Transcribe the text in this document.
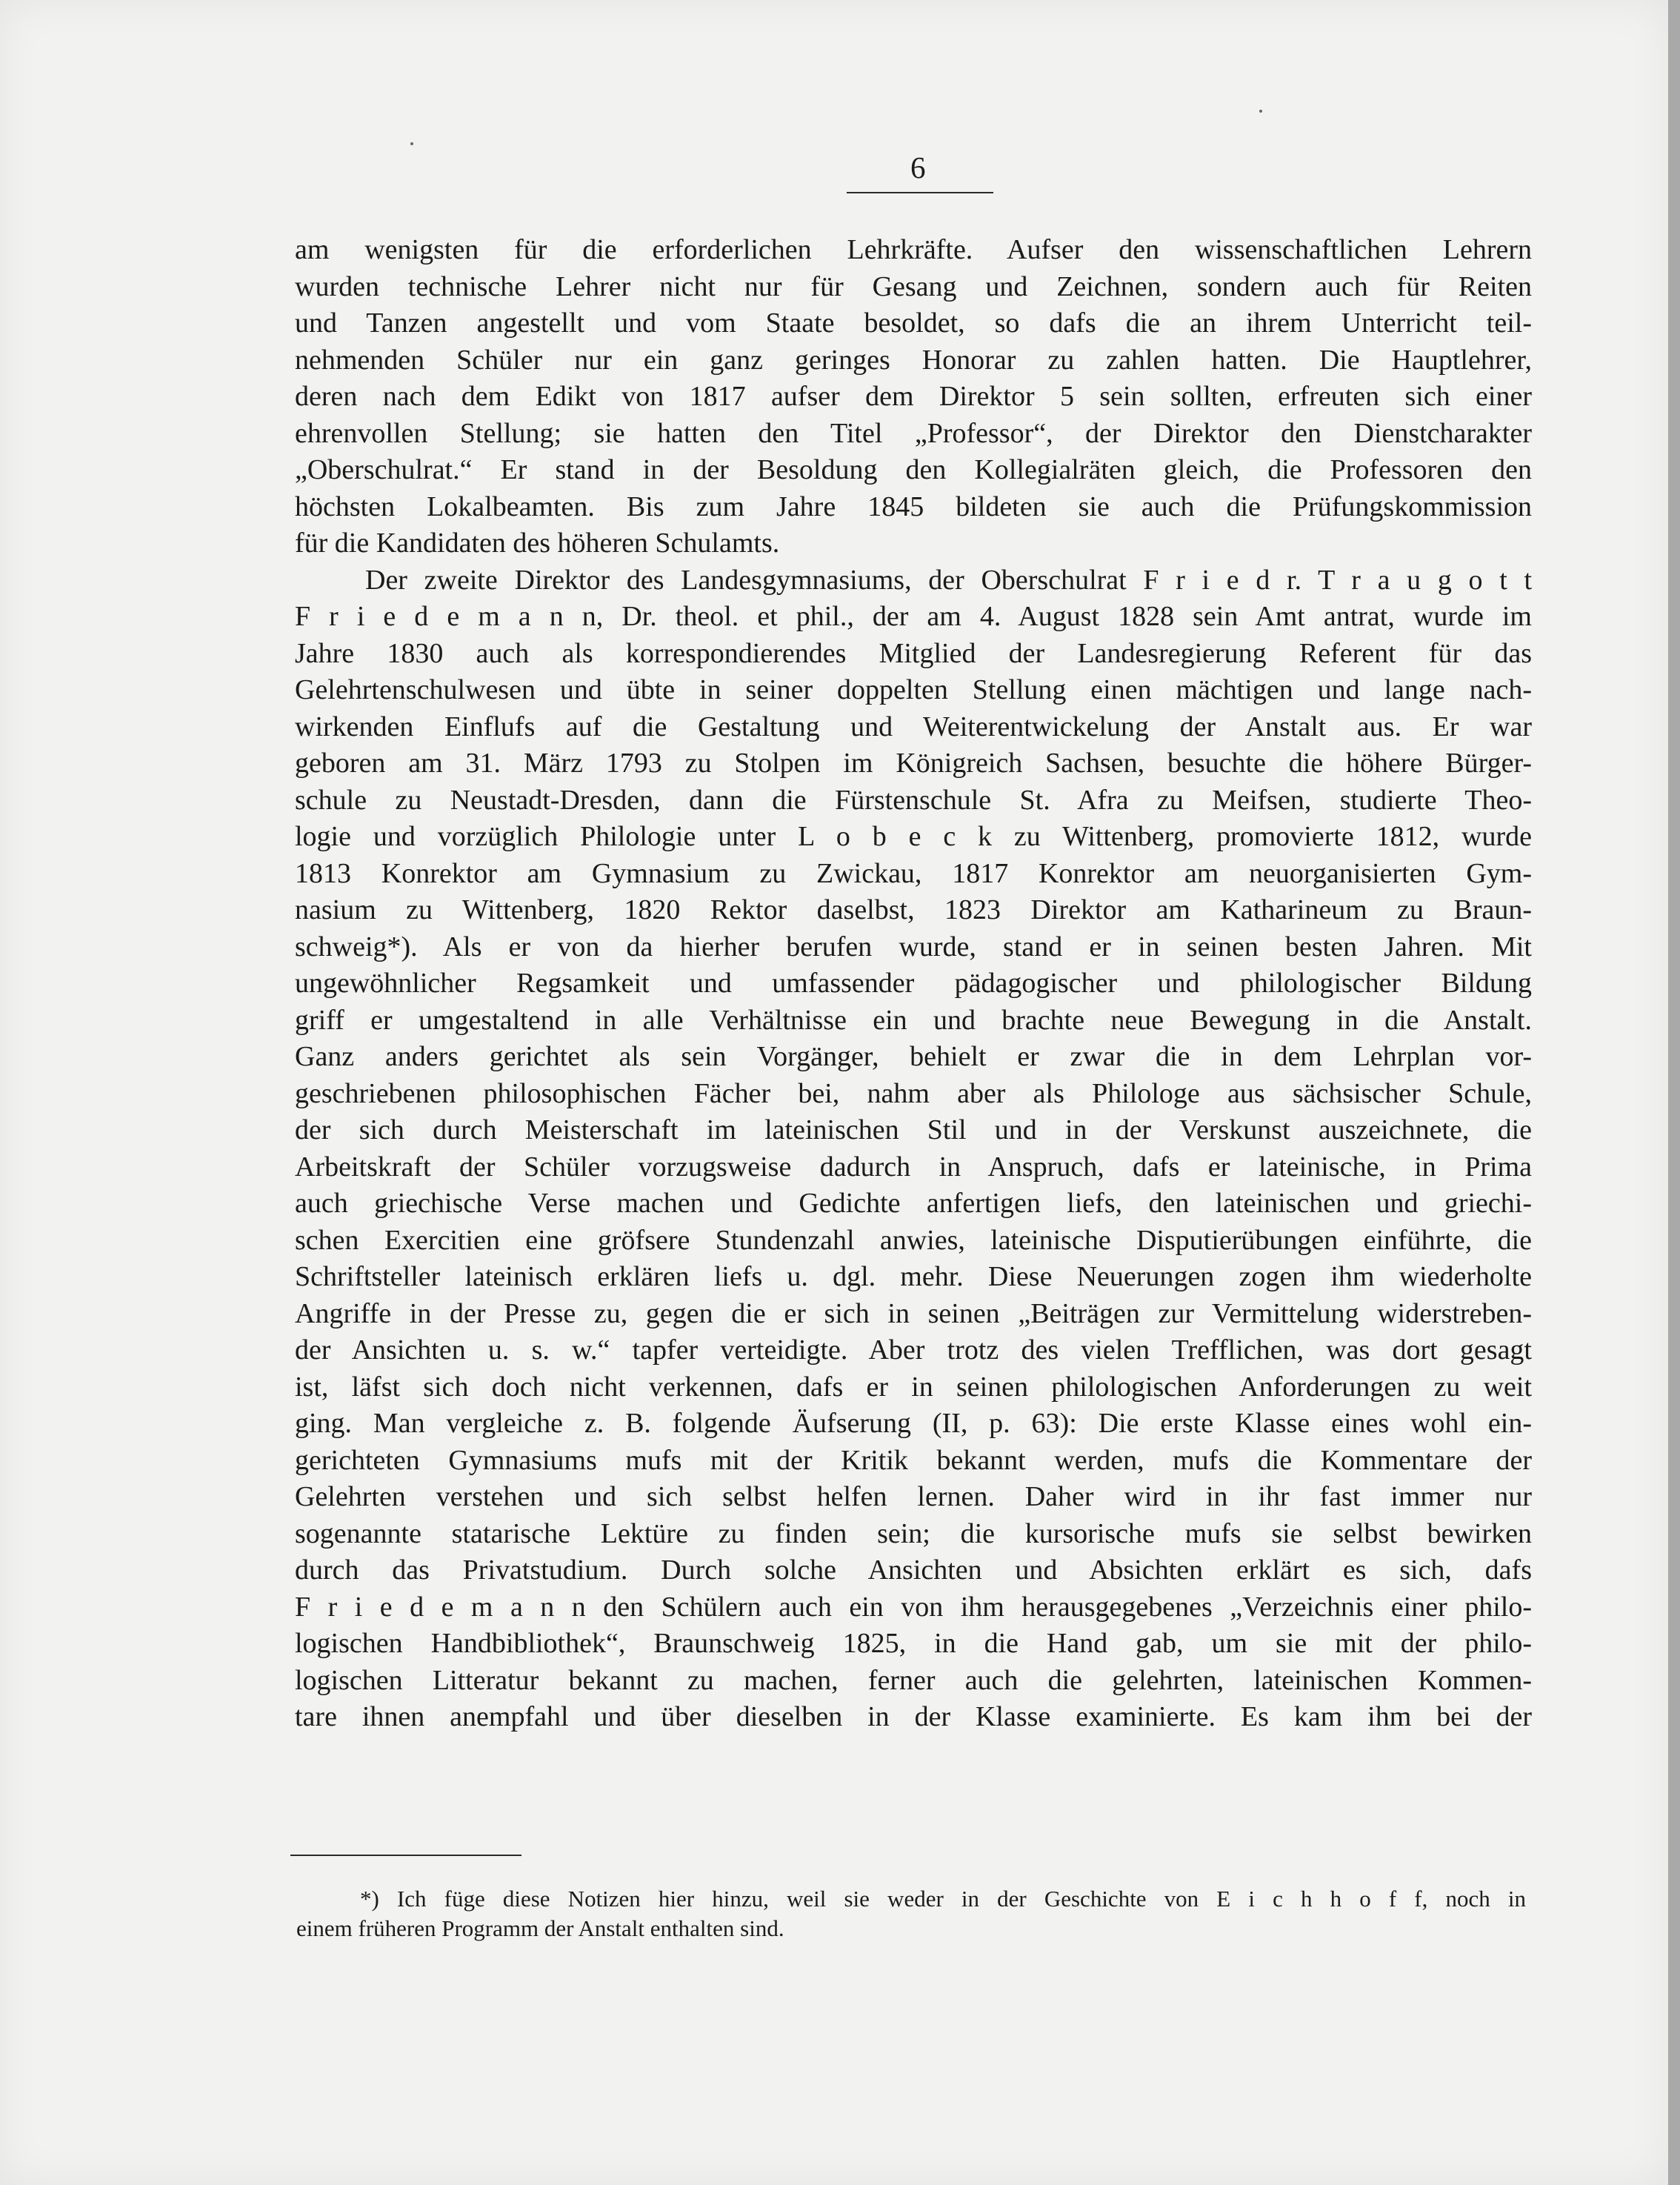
6
am wenigsten für die erforderlichen Lehrkräfte. Aufser den wissenschaftlichen Lehrern
wurden technische Lehrer nicht nur für Gesang und Zeichnen, sondern auch für Reiten
und Tanzen angestellt und vom Staate besoldet, so dafs die an ihrem Unterricht teil-
nehmenden Schüler nur ein ganz geringes Honorar zu zahlen hatten. Die Hauptlehrer,
deren nach dem Edikt von 1817 aufser dem Direktor 5 sein sollten, erfreuten sich einer
ehrenvollen Stellung; sie hatten den Titel „Professor“, der Direktor den Dienstcharakter
„Oberschulrat.“ Er stand in der Besoldung den Kollegialräten gleich, die Professoren den
höchsten Lokalbeamten. Bis zum Jahre 1845 bildeten sie auch die Prüfungskommission
für die Kandidaten des höheren Schulamts.
Der zweite Direktor des Landesgymnasiums, der Oberschulrat F r i e d r. T r a u g o t t
F r i e d e m a n n, Dr. theol. et phil., der am 4. August 1828 sein Amt antrat, wurde im
Jahre 1830 auch als korrespondierendes Mitglied der Landesregierung Referent für das
Gelehrtenschulwesen und übte in seiner doppelten Stellung einen mächtigen und lange nach-
wirkenden Einflufs auf die Gestaltung und Weiterentwickelung der Anstalt aus. Er war
geboren am 31. März 1793 zu Stolpen im Königreich Sachsen, besuchte die höhere Bürger-
schule zu Neustadt-Dresden, dann die Fürstenschule St. Afra zu Meifsen, studierte Theo-
logie und vorzüglich Philologie unter L o b e c k zu Wittenberg, promovierte 1812, wurde
1813 Konrektor am Gymnasium zu Zwickau, 1817 Konrektor am neuorganisierten Gym-
nasium zu Wittenberg, 1820 Rektor daselbst, 1823 Direktor am Katharineum zu Braun-
schweig*). Als er von da hierher berufen wurde, stand er in seinen besten Jahren. Mit
ungewöhnlicher Regsamkeit und umfassender pädagogischer und philologischer Bildung
griff er umgestaltend in alle Verhältnisse ein und brachte neue Bewegung in die Anstalt.
Ganz anders gerichtet als sein Vorgänger, behielt er zwar die in dem Lehrplan vor-
geschriebenen philosophischen Fächer bei, nahm aber als Philologe aus sächsischer Schule,
der sich durch Meisterschaft im lateinischen Stil und in der Verskunst auszeichnete, die
Arbeitskraft der Schüler vorzugsweise dadurch in Anspruch, dafs er lateinische, in Prima
auch griechische Verse machen und Gedichte anfertigen liefs, den lateinischen und griechi-
schen Exercitien eine gröfsere Stundenzahl anwies, lateinische Disputierübungen einführte, die
Schriftsteller lateinisch erklären liefs u. dgl. mehr. Diese Neuerungen zogen ihm wiederholte
Angriffe in der Presse zu, gegen die er sich in seinen „Beiträgen zur Vermittelung widerstreben-
der Ansichten u. s. w.“ tapfer verteidigte. Aber trotz des vielen Trefflichen, was dort gesagt
ist, läfst sich doch nicht verkennen, dafs er in seinen philologischen Anforderungen zu weit
ging. Man vergleiche z. B. folgende Äufserung (II, p. 63): Die erste Klasse eines wohl ein-
gerichteten Gymnasiums mufs mit der Kritik bekannt werden, mufs die Kommentare der
Gelehrten verstehen und sich selbst helfen lernen. Daher wird in ihr fast immer nur
sogenannte statarische Lektüre zu finden sein; die kursorische mufs sie selbst bewirken
durch das Privatstudium. Durch solche Ansichten und Absichten erklärt es sich, dafs
F r i e d e m a n n den Schülern auch ein von ihm herausgegebenes „Verzeichnis einer philo-
logischen Handbibliothek“, Braunschweig 1825, in die Hand gab, um sie mit der philo-
logischen Litteratur bekannt zu machen, ferner auch die gelehrten, lateinischen Kommen-
tare ihnen anempfahl und über dieselben in der Klasse examinierte. Es kam ihm bei der
*) Ich füge diese Notizen hier hinzu, weil sie weder in der Geschichte von E i c h h o f f, noch in
einem früheren Programm der Anstalt enthalten sind.
